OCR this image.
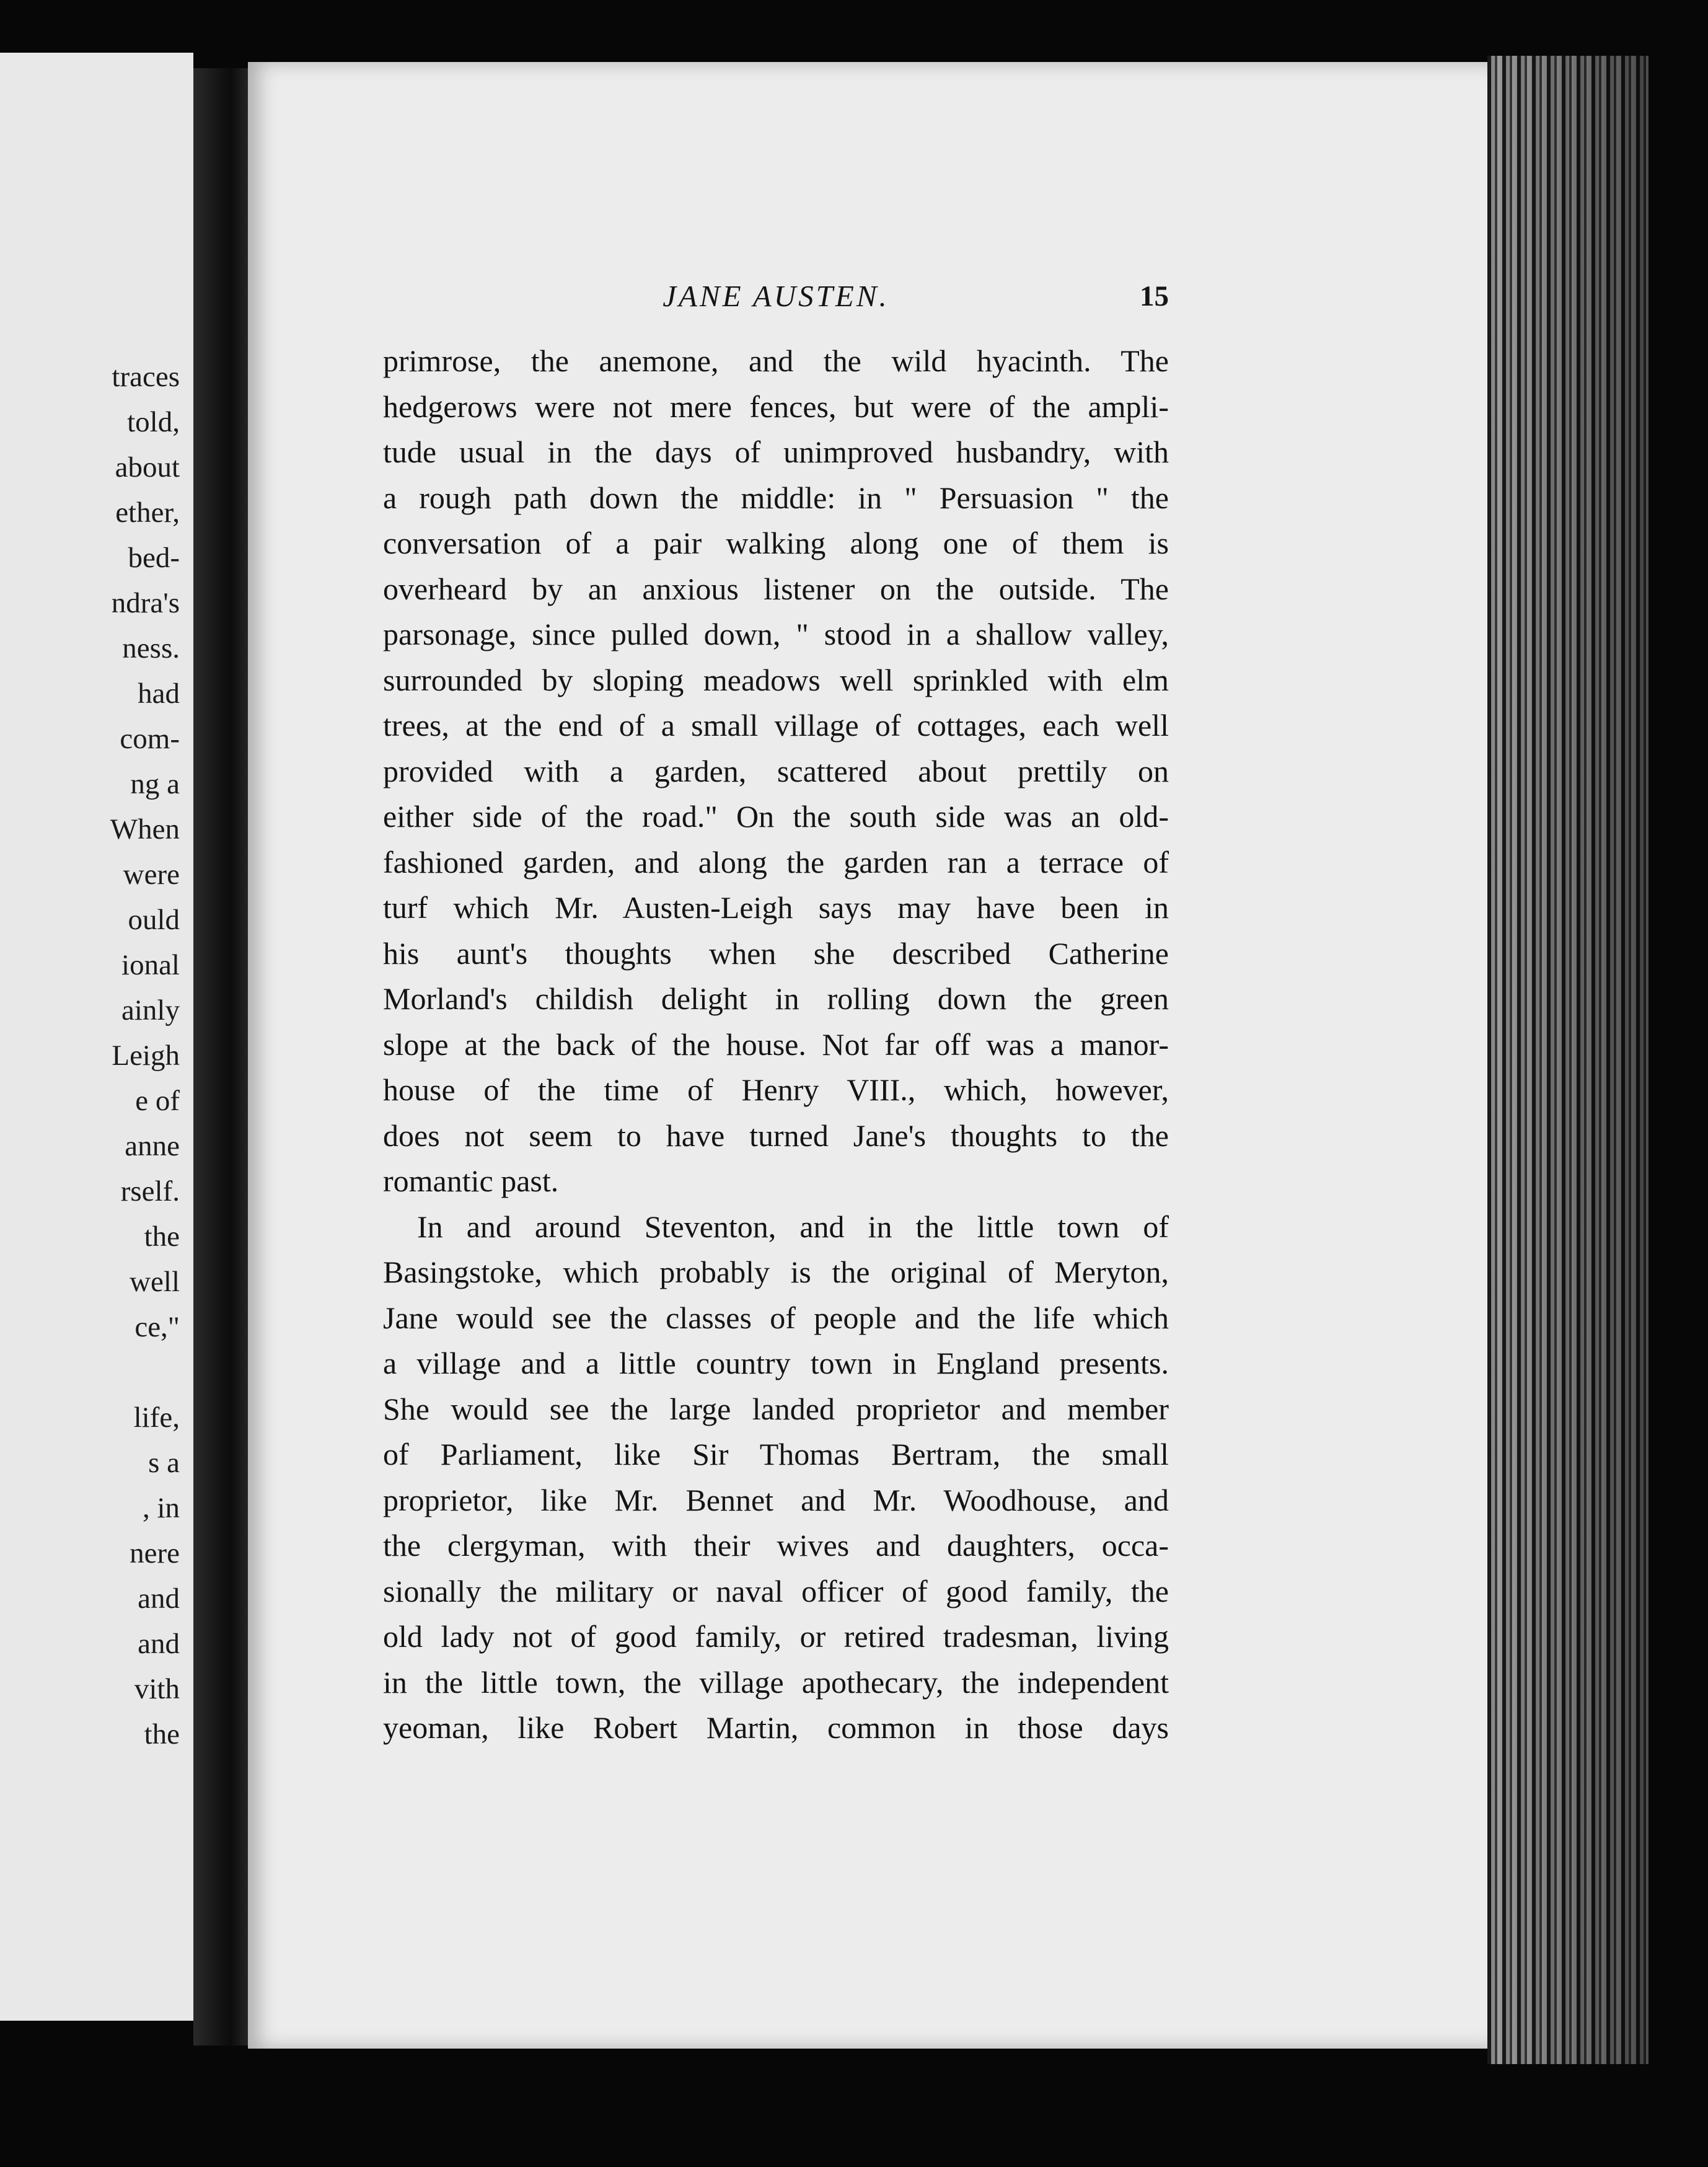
traces
told,
about
ether,
bed-
ndra's
ness.
had
com-
ng a
When
were
ould
ional
ainly
Leigh
e of
anne
rself.
the
well
ce,"
life,
s a
, in
nere
and
and
vith
the
JANE AUSTEN.	15
primrose, the anemone, and the wild hyacinth. The
hedgerows were not mere fences, but were of the ampli-
tude usual in the days of unimproved husbandry, with
a rough path down the middle: in " Persuasion " the
conversation of a pair walking along one of them is
overheard by an anxious listener on the outside. The
parsonage, since pulled down, " stood in a shallow valley,
surrounded by sloping meadows well sprinkled with elm
trees, at the end of a small village of cottages, each well
provided with a garden, scattered about prettily on
either side of the road." On the south side was an old-
fashioned garden, and along the garden ran a terrace of
turf which Mr. Austen-Leigh says may have been in
his aunt's thoughts when she described Catherine
Morland's childish delight in rolling down the green
slope at the back of the house. Not far off was a manor-
house of the time of Henry VIII., which, however,
does not seem to have turned Jane's thoughts to the
romantic past.
In and around Steventon, and in the little town of
Basingstoke, which probably is the original of Meryton,
Jane would see the classes of people and the life which
a village and a little country town in England presents.
She would see the large landed proprietor and member
of Parliament, like Sir Thomas Bertram, the small
proprietor, like Mr. Bennet and Mr. Woodhouse, and
the clergyman, with their wives and daughters, occa-
sionally the military or naval officer of good family, the
old lady not of good family, or retired tradesman, living
in the little town, the village apothecary, the independent
yeoman, like Robert Martin, common in those days
